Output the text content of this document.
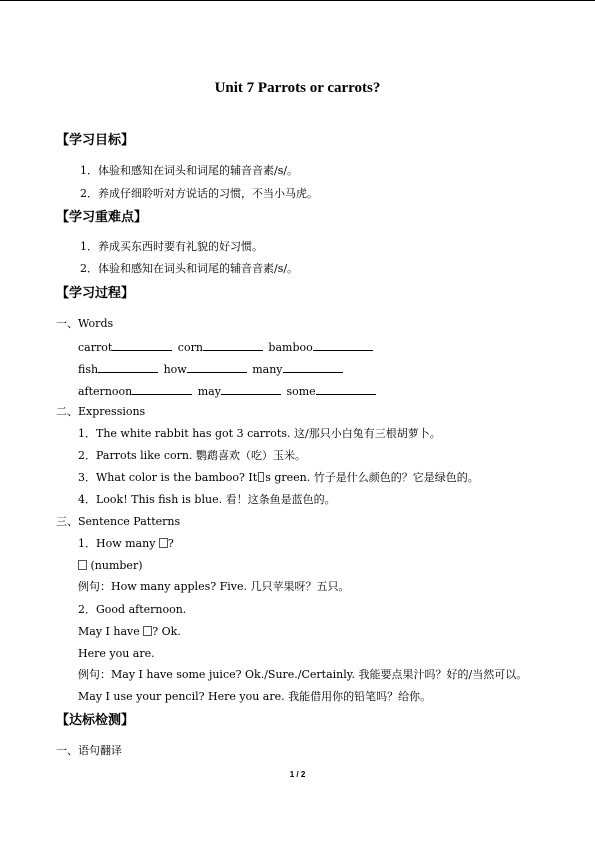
Unit 7 Parrots or carrots?
【学习目标】
1．体验和感知在词头和词尾的辅音音素/s/。
2．养成仔细聆听对方说话的习惯，不当小马虎。
【学习重难点】
1．养成买东西时要有礼貌的好习惯。
2．体验和感知在词头和词尾的辅音音素/s/。
【学习过程】
一、Words
carrot	corn	bamboo
fish	how	many
afternoon	may	some
二、Expressions
1．The white rabbit has got 3 carrots. 这/那只小白兔有三根胡萝卜。
2．Parrots like corn. 鹦鹉喜欢（吃）玉米。
3．What color is the bamboo? It s green. 竹子是什么颜色的？它是绿色的。
4．Look! This fish is blue. 看！这条鱼是蓝色的。
三、Sentence Patterns
1．How many ?
(number)
例句：How many apples? Five. 几只苹果呀？五只。
2．Good afternoon.
May I have ? Ok.
Here you are.
例句：May I have some juice? Ok./Sure./Certainly. 我能要点果汁吗？好的/当然可以。
May I use your pencil? Here you are. 我能借用你的铅笔吗？给你。
【达标检测】
一、语句翻译
1 / 2
